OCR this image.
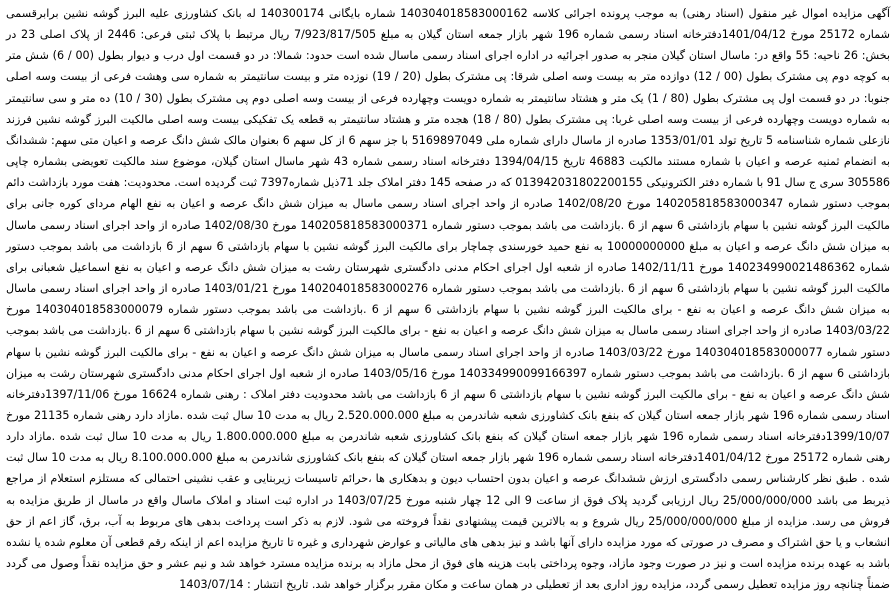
آگهی مزایده اموال غیر منقول (اسناد رهنی) به موجب پرونده اجرائی کلاسه 140304018583000162 شماره بایگانی 140300174 له بانک کشاورزی علیه البرز گوشه نشین برابرقسمی شماره 25172 مورخ 1401/04/12دفترخانه اسناد رسمی شماره 196 شهر بازار جمعه استان گیلان به مبلغ 7/923/817/505 ریال مرتبط با پلاک ثبتی فرعی: 2446 از پلاک اصلی 23 در بخش: 26 ناحیه: 55 واقع در: ماسال استان گیلان منجر به صدور اجرائیه در اداره اجرای اسناد رسمی ماسال شده است حدود: شمالا: در دو قسمت اول درب و دیوار بطول (00 / 6) شش متر به کوچه دوم پی مشترک بطول (00 / 12) دوازده متر به بیست وسه اصلی شرقا: پی مشترک بطول (20 / 19) نوزده متر و بیست سانتیمتر به شماره سی وهشت فرعی از بیست وسه اصلی جنوبا: در دو قسمت اول پی مشترک بطول (80 / 1) یک متر و هشتاد سانتیمتر به شماره دویست وچهارده فرعی از بیست وسه اصلی دوم پی مشترک بطول (30 / 10) ده متر و سی سانتیمتر به شماره دویست وچهارده فرعی از بیست وسه اصلی غربا: پی مشترک بطول (80 / 18) هجده متر و هشتاد سانتیمتر به قطعه یک تفکیکی بیست وسه اصلی مالکیت البرز گوشه نشین فرزند نازعلی شماره شناسنامه 5 تاریخ تولد 1353/01/01 صادره از ماسال دارای شماره ملی 5169897049 با جز سهم 6 از کل سهم 6 بعنوان مالک شش دانگ عرصه و اعیان متی سهم: ششدانگ به انضمام ثمنیه عرصه و اعیان با شماره مستند مالکیت 46883 تاریخ 1394/04/15 دفترخانه اسناد رسمی شماره 43 شهر ماسال استان گیلان، موضوع سند مالکیت تعویضی بشماره چاپی 305586 سری ج سال 91 با شماره دفتر الکترونیکی 013942031802200155 که در صفحه 145 دفتر املاک جلد 71ذیل شماره7397 ثبت گردیده است. محدودیت: هفت مورد بازداشت دائم بموجب دستور شماره 140205818583000347 مورخ 1402/08/20 صادره از واحد اجرای اسناد رسمی ماسال به میزان شش دانگ عرصه و اعیان به نفع الهام مردای کوره جانی برای مالکیت البرز گوشه نشین با سهام بازداشتی 6 سهم از 6 .بازداشت می باشد بموجب دستور شماره 140205818583000371 مورخ 1402/08/30 صادره از واحد اجرای اسناد رسمی ماسال به میزان شش دانگ عرصه و اعیان به مبلغ 10000000000 به نفع حمید خورسندی چماچار برای مالکیت البرز گوشه نشین با سهام بازداشتی 6 سهم از 6 بازداشت می باشد بموجب دستور شماره 140234990021486362 مورخ 1402/11/11 صادره از شعبه اول اجرای احکام مدنی دادگستری شهرستان رشت به میزان شش دانگ عرصه و اعیان به نفع اسماعیل شعبانی برای مالکیت البرز گوشه نشین با سهام بازداشتی 6 سهم از 6 .بازداشت می باشد بموجب دستور شماره 140204018583000276 مورخ 1403/01/21 صادره از واحد اجرای اسناد رسمی ماسال به میزان شش دانگ عرصه و اعیان به نفع - برای مالکیت البرز گوشه نشین با سهام بازداشتی 6 سهم از 6 .بازداشت می باشد بموجب دستور شماره 140304018583000079 مورخ 1403/03/22 صادره از واحد اجرای اسناد رسمی ماسال به میزان شش دانگ عرصه و اعیان به نفع - برای مالکیت البرز گوشه نشین با سهام بازداشتی 6 سهم از 6 .بازداشت می باشد بموجب دستور شماره 140304018583000077 مورخ 1403/03/22 صادره از واحد اجرای اسناد رسمی ماسال به میزان شش دانگ عرصه و اعیان به نفع - برای مالکیت البرز گوشه نشین با سهام بازداشتی 6 سهم از 6 .بازداشت می باشد بموجب دستور شماره 140334990099166397 مورخ 1403/05/16 صادره از شعبه اول اجرای احکام مدنی دادگستری شهرستان رشت به میزان شش دانگ عرصه و اعیان به نفع - برای مالکیت البرز گوشه نشین با سهام بازداشتی 6 سهم از 6 بازداشت می باشد محدودیت دفتر املاک : رهنی شماره 16624 مورخ 1397/11/06دفترخانه اسناد رسمی شماره 196 شهر بازار جمعه استان گیلان که بنفع بانک کشاورزی شعبه شاندرمن به مبلغ 2.520.000.000 ریال به مدت 10 سال ثبت شده .مازاد دارد رهنی شماره 21135 مورخ 1399/10/07دفترخانه اسناد رسمی شماره 196 شهر بازار جمعه استان گیلان که بنفع بانک کشاورزی شعبه شاندرمن به مبلغ 1.800.000.000 ریال به مدت 10 سال ثبت شده .مازاد دارد رهنی شماره 25172 مورخ 1401/04/12دفترخانه اسناد رسمی شماره 196 شهر بازار جمعه استان گیلان که بنفع بانک کشاورزی شاندرمن به مبلغ 8.100.000.000 ریال به مدت 10 سال ثبت شده . طبق نظر کارشناس رسمی دادگستری ارزش ششدانگ عرصه و اعیان بدون احتساب دیون و بدهکاری ها ،حرائم تاسیسات زیربنایی و عقب نشینی احتمالی که مستلزم استعلام از مراجع ذیربط می باشد 25/000/000/000 ریال ارزیابی گردید پلاک فوق از ساعت 9 الی 12 چهار شنبه مورخ 1403/07/25 در اداره ثبت اسناد و املاک ماسال واقع در ماسال از طریق مزایده به فروش می رسد. مزایده از مبلغ 25/000/000/000 ریال شروع و به بالاترین قیمت پیشنهادی نقداً فروخته می شود. لازم به ذکر است پرداخت بدهی های مربوط به آب، برق، گاز اعم از حق انشعاب و یا حق اشتراک و مصرف در صورتی که مورد مزایده دارای آنها باشد و نیز بدهی های مالیاتی و عوارض شهرداری و غیره تا تاریخ مزایده اعم از اینکه رقم قطعی آن معلوم شده یا نشده باشد به عهده برنده مزایده است و نیز در صورت وجود مازاد، وجوه پرداختی بابت هزینه های فوق از محل مازاد به برنده مزایده مسترد خواهد شد و نیم عشر و حق مزایده نقداً وصول می گردد ضمناً چنانچه روز مزایده تعطیل رسمی گردد، مزایده روز اداری بعد از تعطیلی در همان ساعت و مکان مقرر برگزار خواهد شد. تاریخ انتشار : 1403/07/14
